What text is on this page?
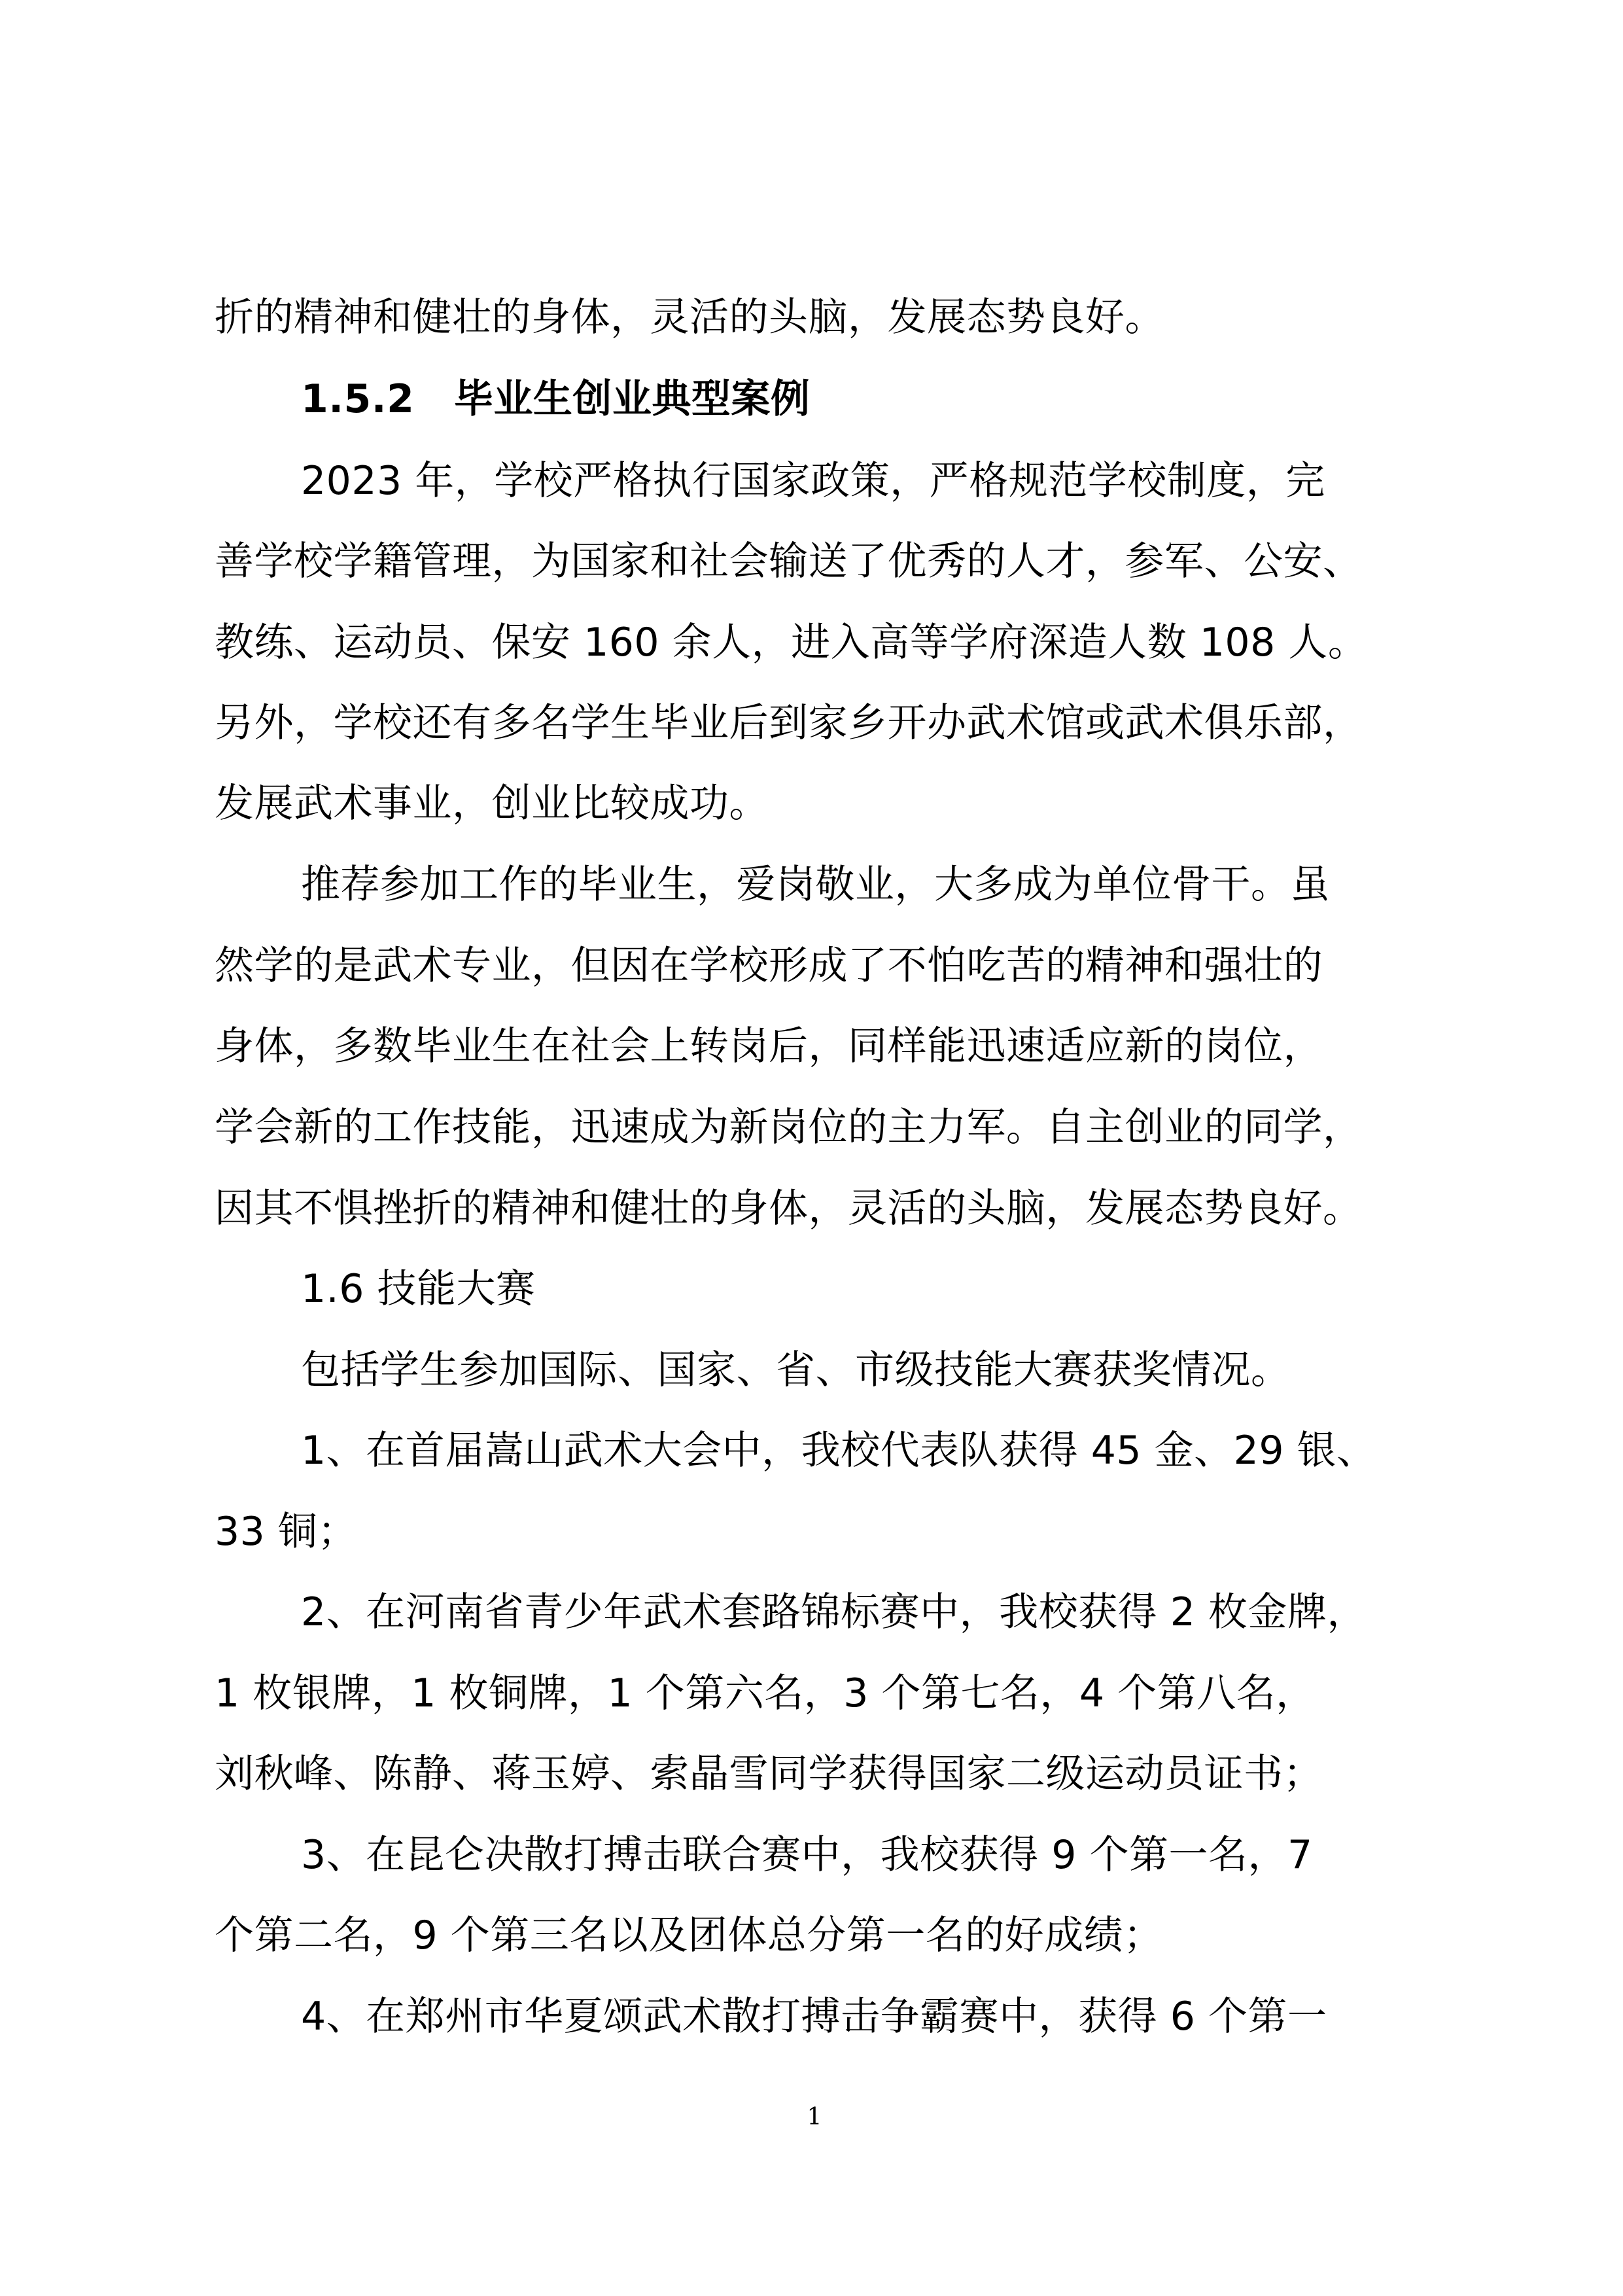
折的精神和健壮的身体，灵活的头脑，发展态势良好。
1.5.2　毕业生创业典型案例
2023 年，学校严格执行国家政策，严格规范学校制度，完
善学校学籍管理，为国家和社会输送了优秀的人才，参军、公安、
教练、运动员、保安 160 余人，进入高等学府深造人数 108 人。
另外，学校还有多名学生毕业后到家乡开办武术馆或武术俱乐部，
发展武术事业，创业比较成功。
推荐参加工作的毕业生，爱岗敬业，大多成为单位骨干。虽
然学的是武术专业，但因在学校形成了不怕吃苦的精神和强壮的
身体，多数毕业生在社会上转岗后，同样能迅速适应新的岗位，
学会新的工作技能，迅速成为新岗位的主力军。自主创业的同学，
因其不惧挫折的精神和健壮的身体，灵活的头脑，发展态势良好。
1.6 技能大赛
包括学生参加国际、国家、省、市级技能大赛获奖情况。
1、在首届嵩山武术大会中，我校代表队获得 45 金、29 银、
33 铜；
2、在河南省青少年武术套路锦标赛中，我校获得 2 枚金牌，
1 枚银牌，1 枚铜牌，1 个第六名，3 个第七名，4 个第八名，
刘秋峰、陈静、蒋玉婷、索晶雪同学获得国家二级运动员证书；
3、在昆仑决散打搏击联合赛中，我校获得 9 个第一名，7
个第二名，9 个第三名以及团体总分第一名的好成绩；
4、在郑州市华夏颂武术散打搏击争霸赛中，获得 6 个第一
1
